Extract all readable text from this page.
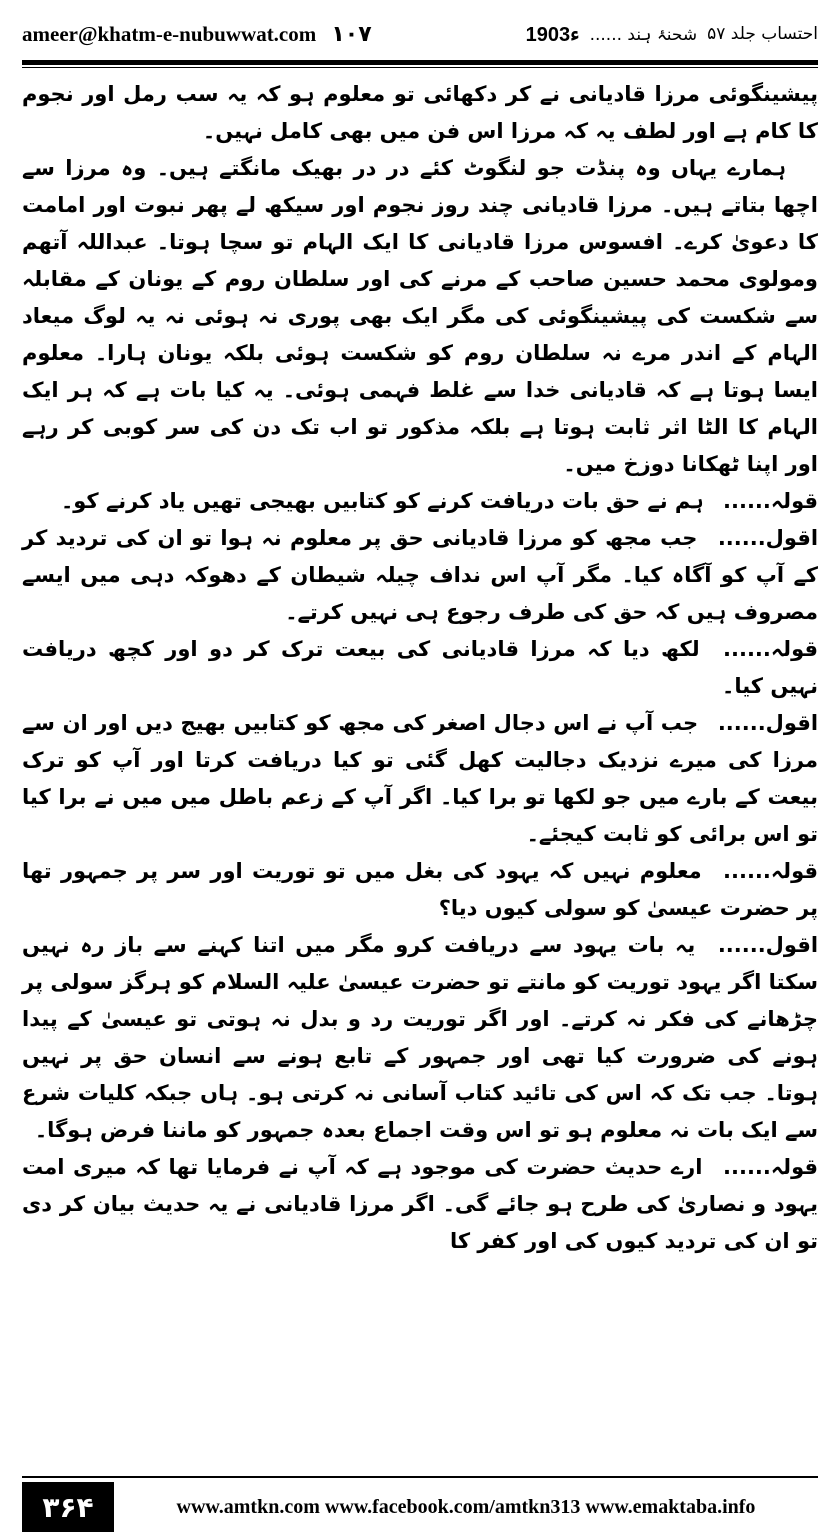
ameer@khatm-e-nubuwwat.com ۱۰۷	احتساب جلد ۵۷
شحنۂ ہند ......
1903ء

پیشینگوئی مرزا قادیانی نے کر دکھائی تو معلوم ہو کہ یہ سب رمل اور نجوم کا کام ہے اور لطف یہ کہ مرزا اس فن میں بھی کامل نہیں۔

ہمارے یہاں وہ پنڈت جو لنگوٹ کئے در در بھیک مانگتے ہیں۔ وہ مرزا سے اچھا بتاتے ہیں۔ مرزا قادیانی چند روز نجوم اور سیکھ لے پھر نبوت اور امامت کا دعویٰ کرے۔ افسوس مرزا قادیانی کا ایک الہام تو سچا ہوتا۔ عبداللہ آتھم ومولوی محمد حسین صاحب کے مرنے کی اور سلطان روم کے یونان کے مقابلہ سے شکست کی پیشینگوئی کی مگر ایک بھی پوری نہ ہوئی نہ یہ لوگ میعاد الہام کے اندر مرے نہ سلطان روم کو شکست ہوئی بلکہ یونان ہارا۔ معلوم ایسا ہوتا ہے کہ قادیانی خدا سے غلط فہمی ہوئی۔ یہ کیا بات ہے کہ ہر ایک الہام کا الٹا اثر ثابت ہوتا ہے بلکہ مذکور تو اب تک دن کی سر کوبی کر رہے اور اپنا ٹھکانا دوزخ میں۔

قولہ...... ہم نے حق بات دریافت کرنے کو کتابیں بھیجی تھیں یاد کرنے کو۔

اقول...... جب مجھ کو مرزا قادیانی حق پر معلوم نہ ہوا تو ان کی تردید کر کے آپ کو آگاہ کیا۔ مگر آپ اس نداف چیلہ شیطان کے دھوکہ دہی میں ایسے مصروف ہیں کہ حق کی طرف رجوع ہی نہیں کرتے۔

قولہ...... لکھ دیا کہ مرزا قادیانی کی بیعت ترک کر دو اور کچھ دریافت نہیں کیا۔

اقول...... جب آپ نے اس دجال اصغر کی مجھ کو کتابیں بھیج دیں اور ان سے مرزا کی میرے نزدیک دجالیت کھل گئی تو کیا دریافت کرتا اور آپ کو ترک بیعت کے بارے میں جو لکھا تو برا کیا۔ اگر آپ کے زعم باطل میں میں نے برا کیا تو اس برائی کو ثابت کیجئے۔

قولہ...... معلوم نہیں کہ یہود کی بغل میں تو توریت اور سر پر جمہور تھا پر حضرت عیسیٰ کو سولی کیوں دیا؟

اقول...... یہ بات یہود سے دریافت کرو مگر میں اتنا کہنے سے باز رہ نہیں سکتا اگر یہود توریت کو مانتے تو حضرت عیسیٰ علیہ السلام کو ہرگز سولی پر چڑھانے کی فکر نہ کرتے۔ اور اگر توریت رد و بدل نہ ہوتی تو عیسیٰ کے پیدا ہونے کی ضرورت کیا تھی اور جمہور کے تابع ہونے سے انسان حق پر نہیں ہوتا۔ جب تک کہ اس کی تائید کتاب آسانی نہ کرتی ہو۔ ہاں جبکہ کلیات شرع سے ایک بات نہ معلوم ہو تو اس وقت اجماع بعدہ جمہور کو ماننا فرض ہوگا۔

قولہ...... ارے حدیث حضرت کی موجود ہے کہ آپ نے فرمایا تھا کہ میری امت یہود و نصاریٰ کی طرح ہو جائے گی۔ اگر مرزا قادیانی نے یہ حدیث بیان کر دی تو ان کی تردید کیوں کی اور کفر کا

۳۶۴	www.amtkn.com www.facebook.com/amtkn313 www.emaktaba.info
